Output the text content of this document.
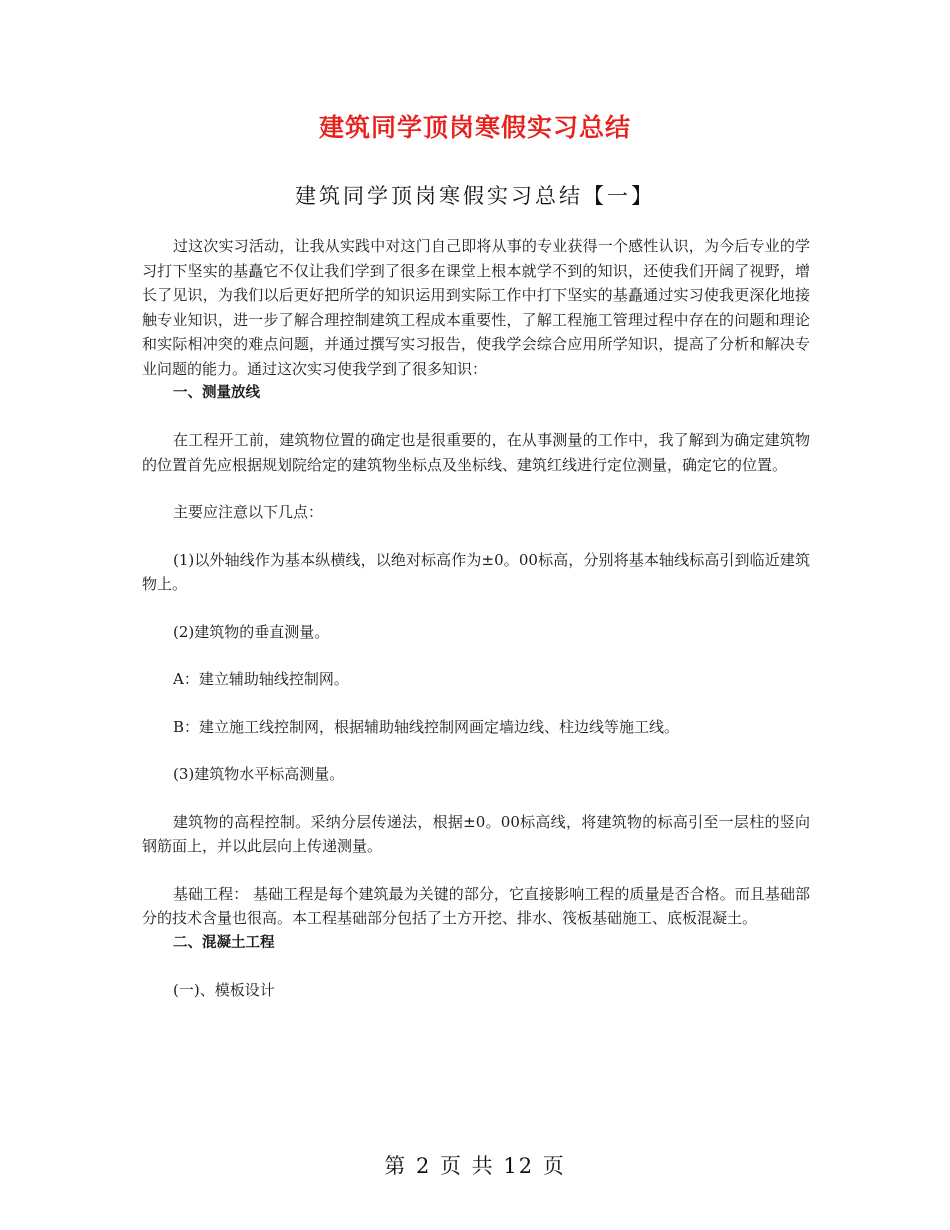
建筑同学顶岗寒假实习总结
建筑同学顶岗寒假实习总结【一】

过这次实习活动，让我从实践中对这门自己即将从事的专业获得一个感性认识，为今后专业的学习打下坚实的基矗它不仅让我们学到了很多在课堂上根本就学不到的知识，还使我们开阔了视野，增长了见识，为我们以后更好把所学的知识运用到实际工作中打下坚实的基矗通过实习使我更深化地接触专业知识，进一步了解合理控制建筑工程成本重要性，了解工程施工管理过程中存在的问题和理论和实际相冲突的难点问题，并通过撰写实习报告，使我学会综合应用所学知识，提高了分析和解决专业问题的能力。通过这次实习使我学到了很多知识：

一、测量放线

在工程开工前，建筑物位置的确定也是很重要的，在从事测量的工作中，我了解到为确定建筑物的位置首先应根据规划院给定的建筑物坐标点及坐标线、建筑红线进行定位测量，确定它的位置。

主要应注意以下几点：

(1)以外轴线作为基本纵横线，以绝对标高作为±0。00标高，分别将基本轴线标高引到临近建筑物上。

(2)建筑物的垂直测量。

A：建立辅助轴线控制网。

B：建立施工线控制网，根据辅助轴线控制网画定墙边线、柱边线等施工线。

(3)建筑物水平标高测量。

建筑物的高程控制。采纳分层传递法，根据±0。00标高线，将建筑物的标高引至一层柱的竖向钢筋面上，并以此层向上传递测量。

基础工程： 基础工程是每个建筑最为关键的部分，它直接影响工程的质量是否合格。而且基础部分的技术含量也很高。本工程基础部分包括了土方开挖、排水、筏板基础施工、底板混凝土。

二、混凝土工程

(一)、模板设计

第 2 页 共 12 页
